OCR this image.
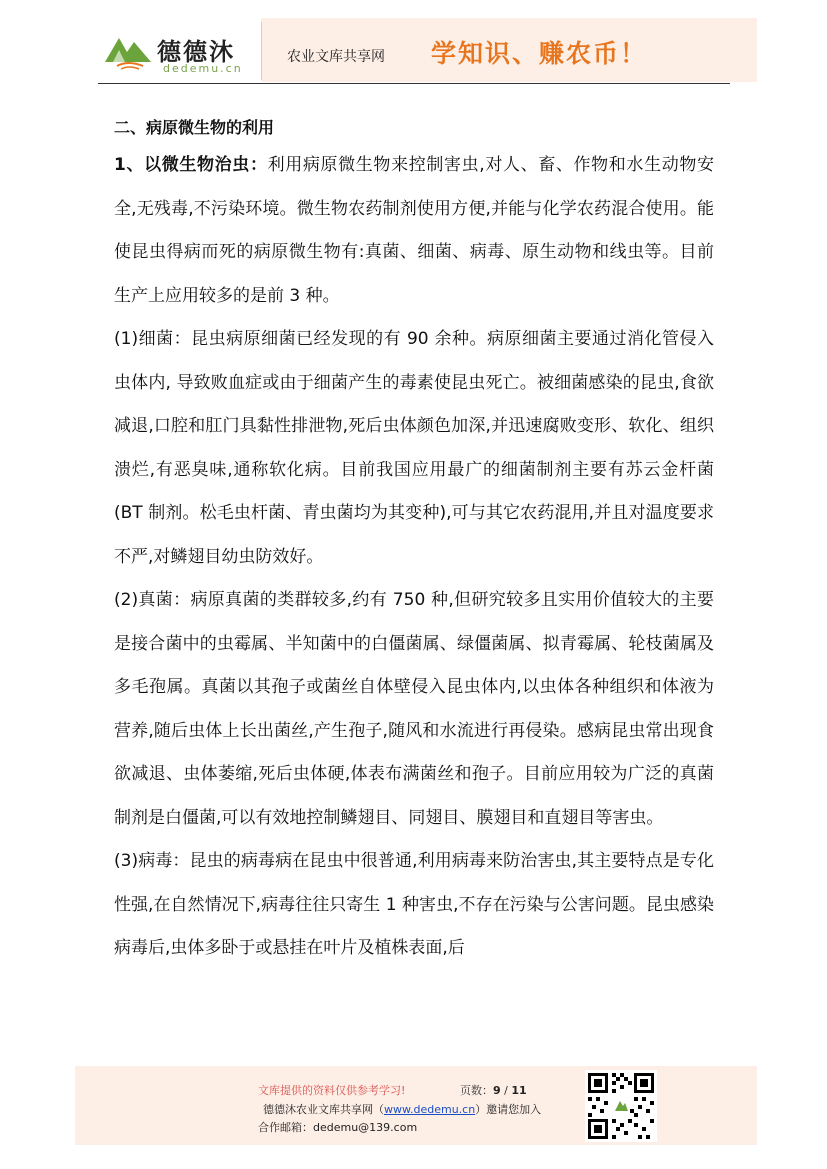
德德沐
dedemu.cn
农业文库共享网 学知识、赚农币！

二、病原微生物的利用

1、以微生物治虫：利用病原微生物来控制害虫,对人、畜、作物和水生动物安全,无残毒,不污染环境。微生物农药制剂使用方便,并能与化学农药混合使用。能使昆虫得病而死的病原微生物有:真菌、细菌、病毒、原生动物和线虫等。目前生产上应用较多的是前 3 种。

(1)细菌：昆虫病原细菌已经发现的有 90 余种。病原细菌主要通过消化管侵入虫体内, 导致败血症或由于细菌产生的毒素使昆虫死亡。被细菌感染的昆虫,食欲减退,口腔和肛门具黏性排泄物,死后虫体颜色加深,并迅速腐败变形、软化、组织溃烂,有恶臭味,通称软化病。目前我国应用最广的细菌制剂主要有苏云金杆菌(BT 制剂。松毛虫杆菌、青虫菌均为其变种),可与其它农药混用,并且对温度要求不严,对鳞翅目幼虫防效好。

(2)真菌：病原真菌的类群较多,约有 750 种,但研究较多且实用价值较大的主要是接合菌中的虫霉属、半知菌中的白僵菌属、绿僵菌属、拟青霉属、轮枝菌属及多毛孢属。真菌以其孢子或菌丝自体壁侵入昆虫体内,以虫体各种组织和体液为营养,随后虫体上长出菌丝,产生孢子,随风和水流进行再侵染。感病昆虫常出现食欲减退、虫体萎缩,死后虫体硬,体表布满菌丝和孢子。目前应用较为广泛的真菌制剂是白僵菌,可以有效地控制鳞翅目、同翅目、膜翅目和直翅目等害虫。

(3)病毒：昆虫的病毒病在昆虫中很普通,利用病毒来防治害虫,其主要特点是专化性强,在自然情况下,病毒往往只寄生 1 种害虫,不存在污染与公害问题。昆虫感染病毒后,虫体多卧于或悬挂在叶片及植株表面,后

文库提供的资料仅供参考学习!	页数：9 / 11
德德沐农业文库共享网（www.dedemu.cn）邀请您加入
合作邮箱：dedemu@139.com
